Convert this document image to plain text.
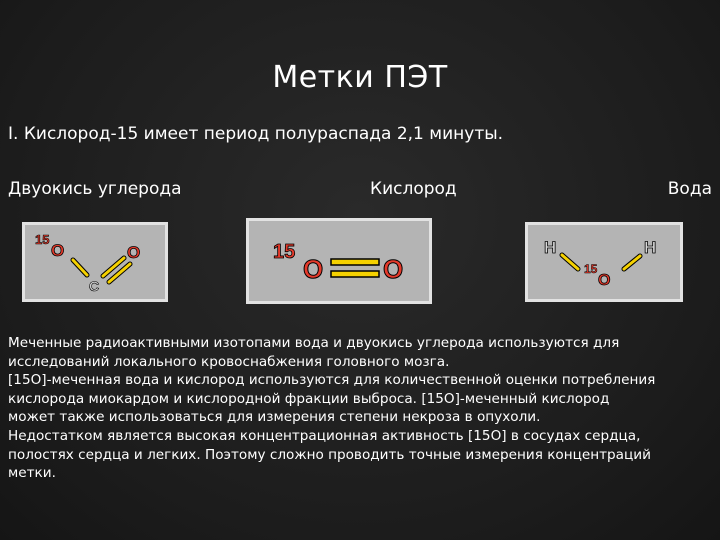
Метки ПЭТ
I. Кислород-15 имеет период полураспада 2,1 минуты.
Двуокись углерода	Кислород	Вода
15
O
C
O	15
O O
H
15
O
H
Меченные радиоактивными изотопами вода и двуокись углерода используются для
исследований локального кровоснабжения головного мозга.
[15O]-меченная вода и кислород используются для количественной оценки потребления
кислорода миокардом и кислородной фракции выброса. [15O]-меченный кислород
может также использоваться для измерения степени некроза в опухоли.
Недостатком является высокая концентрационная активность [15O] в сосудах сердца,
полостях сердца и легких. Поэтому сложно проводить точные измерения концентраций
метки.
